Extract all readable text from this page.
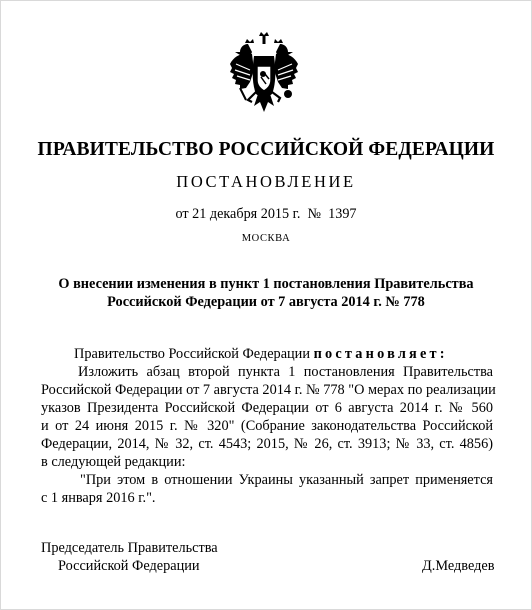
ПРАВИТЕЛЬСТВО РОССИЙСКОЙ ФЕДЕРАЦИИ
ПОСТАНОВЛЕНИЕ
от 21 декабря 2015 г.  №  1397
МОСКВА
О внесении изменения в пункт 1 постановления Правительства
Российской Федерации от 7 августа 2014 г. № 778
Правительство Российской Федерации постановляет:
Изложить абзац второй пункта 1 постановления Правительства
Российской Федерации от 7 августа 2014 г. № 778 "О мерах по реализации
указов Президента Российской Федерации от 6 августа 2014 г. № 560
и от 24 июня 2015 г. № 320" (Собрание законодательства Российской
Федерации, 2014, № 32, ст. 4543; 2015, № 26, ст. 3913; № 33, ст. 4856)
в следующей редакции:
"При этом в отношении Украины указанный запрет применяется
с 1 января 2016 г.".
Председатель Правительства
Российской Федерации	Д.Медведев
